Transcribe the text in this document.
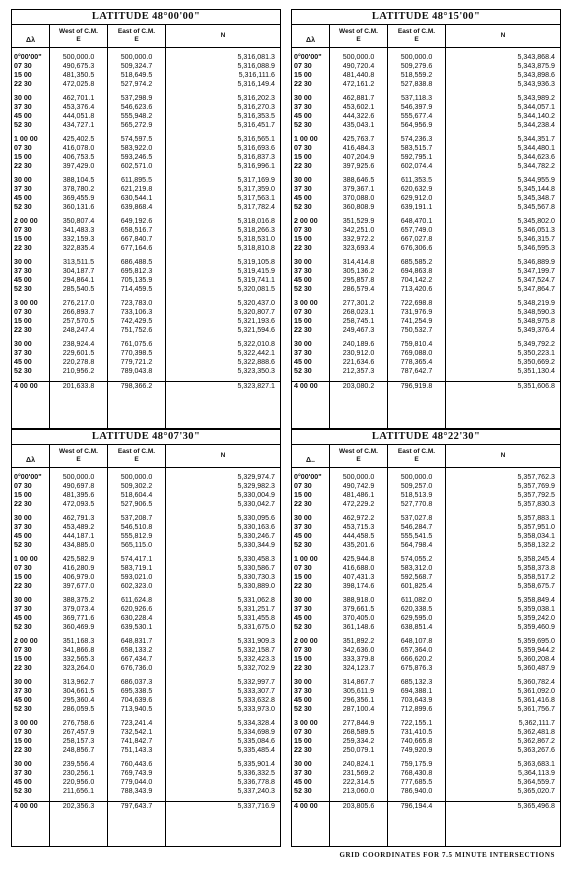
LATITUDE 48°00'00"
Δλ
West of C.M.
E
East of C.M.
E
N
0°00'00"
07 30
15 00
22 30
30 00
37 30
45 00
52 30
1 00 00
07 30
15 00
22 30
30 00
37 30
45 00
52 30
2 00 00
07 30
15 00
22 30
30 00
37 30
45 00
52 30
3 00 00
07 30
15 00
22 30
30 00
37 30
45 00
52 30
4 00 00
500,000.0
490,675.3
481,350.5
472,025.8
462,701.1
453,376.4
444,051.8
434,727.1
425,402.5
416,078.0
406,753.5
397,429.0
388,104.5
378,780.2
369,455.9
360,131.6
350,807.4
341,483.3
332,159.3
322,835.4
313,511.5
304,187.7
294,864.1
285,540.5
276,217.0
266,893.7
257,570.5
248,247.4
238,924.4
229,601.5
220,278.8
210,956.2
201,633.8
500,000.0
509,324.7
518,649.5
527,974.2
537,298.9
546,623.6
555,948.2
565,272.9
574,597.5
583,922.0
593,246.5
602,571.0
611,895.5
621,219.8
630,544.1
639,868.4
649,192.6
658,516.7
667,840.7
677,164.6
686,488.5
695,812.3
705,135.9
714,459.5
723,783.0
733,106.3
742,429.5
751,752.6
761,075.6
770,398.5
779,721.2
789,043.8
798,366.2
5,316,081.3
5,316,088.9
5,316,111.6
5,316,149.4
5,316,202.3
5,316,270.3
5,316,353.5
5,316,451.7
5,316,565.1
5,316,693.6
5,316,837.3
5,316,996.1
5,317,169.9
5,317,359.0
5,317,563.1
5,317,782.4
5,318,016.8
5,318,266.3
5,318,531.0
5,318,810.8
5,319,105.8
5,319,415.9
5,319,741.1
5,320,081.5
5,320,437.0
5,320,807.7
5,321,193.6
5,321,594.6
5,322,010.8
5,322,442.1
5,322,888.6
5,323,350.3
5,323,827.1
LATITUDE 48°15'00"
Δλ
West of C.M.
E
East of C.M.
E
N
0°00'00"
07 30
15 00
22 30
30 00
37 30
45 00
52 30
1 00 00
07 30
15 00
22 30
30 00
37 30
45 00
52 30
2 00 00
07 30
15 00
22 30
30 00
37 30
45 00
52 30
3 00 00
07 30
15 00
22 30
30 00
37 30
45 00
52 30
4 00 00
500,000.0
490,720.4
481,440.8
472,161.2
462,881.7
453,602.1
444,322.6
435,043.1
425,763.7
416,484.3
407,204.9
397,925.6
388,646.5
379,367.1
370,088.0
360,808.9
351,529.9
342,251.0
332,972.2
323,693.4
314,414.8
305,136.2
295,857.8
286,579.4
277,301.2
268,023.1
258,745.1
249,467.3
240,189.6
230,912.0
221,634.6
212,357.3
203,080.2
500,000.0
509,279.6
518,559.2
527,838.8
537,118.3
546,397.9
555,677.4
564,956.9
574,236.3
583,515.7
592,795.1
602,074.4
611,353.5
620,632.9
629,912.0
639,191.1
648,470.1
657,749.0
667,027.8
676,306.6
685,585.2
694,863.8
704,142.2
713,420.6
722,698.8
731,976.9
741,254.9
750,532.7
759,810.4
769,088.0
778,365.4
787,642.7
796,919.8
5,343,868.4
5,343,875.9
5,343,898.6
5,343,936.3
5,343,989.2
5,344,057.1
5,344,140.2
5,344,238.4
5,344,351.7
5,344,480.1
5,344,623.6
5,344,782.2
5,344,955.9
5,345,144.8
5,345,348.7
5,345,567.8
5,345,802.0
5,346,051.3
5,346,315.7
5,346,595.3
5,346,889.9
5,347,199.7
5,347,524.7
5,347,864.7
5,348,219.9
5,348,590.3
5,348,975.8
5,349,376.4
5,349,792.2
5,350,223.1
5,350,669.2
5,351,130.4
5,351,606.8
LATITUDE 48°07'30"
Δλ
West of C.M.
E
East of C.M.
E
N
0°00'00"
07 30
15 00
22 30
30 00
37 30
45 00
52 30
1 00 00
07 30
15 00
22 30
30 00
37 30
45 00
52 30
2 00 00
07 30
15 00
22 30
30 00
37 30
45 00
52 30
3 00 00
07 30
15 00
22 30
30 00
37 30
45 00
52 30
4 00 00
500,000.0
490,697.8
481,395.6
472,093.5
462,791.3
453,489.2
444,187.1
434,885.0
425,582.9
416,280.9
406,979.0
397,677.0
388,375.2
379,073.4
369,771.6
360,469.9
351,168.3
341,866.8
332,565.3
323,264.0
313,962.7
304,661.5
295,360.4
286,059.5
276,758.6
267,457.9
258,157.3
248,856.7
239,556.4
230,256.1
220,956.0
211,656.1
202,356.3
500,000.0
509,302.2
518,604.4
527,906.5
537,208.7
546,510.8
555,812.9
565,115.0
574,417.1
583,719.1
593,021.0
602,323.0
611,624.8
620,926.6
630,228.4
639,530.1
648,831.7
658,133.2
667,434.7
676,736.0
686,037.3
695,338.5
704,639.6
713,940.5
723,241.4
732,542.1
741,842.7
751,143.3
760,443.6
769,743.9
779,044.0
788,343.9
797,643.7
5,329,974.7
5,329,982.3
5,330,004.9
5,330,042.7
5,330,095.6
5,330,163.6
5,330,246.7
5,330,344.9
5,330,458.3
5,330,586.7
5,330,730.3
5,330,889.0
5,331,062.8
5,331,251.7
5,331,455.8
5,331,675.0
5,331,909.3
5,332,158.7
5,332,423.3
5,332,702.9
5,332,997.7
5,333,307.7
5,333,632.8
5,333,973.0
5,334,328.4
5,334,698.9
5,335,084.6
5,335,485.4
5,335,901.4
5,336,332.5
5,336,778.8
5,337,240.3
5,337,716.9
LATITUDE 48°22'30"
Δ..
West of C.M.
E
East of C.M.
E
N
0°00'00"
07 30
15 00
22 30
30 00
37 30
45 00
52 30
1 00 00
07 30
15 00
22 30
30 00
37 30
45 00
52 30
2 00 00
07 30
15 00
22 30
30 00
37 30
45 00
52 30
3 00 00
07 30
15 00
22 30
30 00
37 30
45 00
52 30
4 00 00
500,000.0
490,742.9
481,486.1
472,229.2
462,972.2
453,715.3
444,458.5
435,201.6
425,944.8
416,688.0
407,431.3
398,174.6
388,918.0
379,661.5
370,405.0
361,148.6
351,892.2
342,636.0
333,379.8
324,123.7
314,867.7
305,611.9
296,356.1
287,100.4
277,844.9
268,589.5
259,334.2
250,079.1
240,824.1
231,569.2
222,314.5
213,060.0
203,805.6
500,000.0
509,257.0
518,513.9
527,770.8
537,027.8
546,284.7
555,541.5
564,798.4
574,055.2
583,312.0
592,568.7
601,825.4
611,082.0
620,338.5
629,595.0
638,851.4
648,107.8
657,364.0
666,620.2
675,876.3
685,132.3
694,388.1
703,643.9
712,899.6
722,155.1
731,410.5
740,665.8
749,920.9
759,175.9
768,430.8
777,685.5
786,940.0
796,194.4
5,357,762.3
5,357,769.9
5,357,792.5
5,357,830.3
5,357,883.1
5,357,951.0
5,358,034.1
5,358,132.2
5,358,245.4
5,358,373.8
5,358,517.2
5,358,675.7
5,358,849.4
5,359,038.1
5,359,242.0
5,359,460.9
5,359,695.0
5,359,944.2
5,360,208.4
5,360,487.9
5,360,782.4
5,361,092.0
5,361,416.8
5,361,756.7
5,362,111.7
5,362,481.8
5,362,867.2
5,363,267.6
5,363,683.1
5,364,113.9
5,364,559.7
5,365,020.7
5,365,496.8
GRID COORDINATES FOR 7.5 MINUTE INTERSECTIONS
